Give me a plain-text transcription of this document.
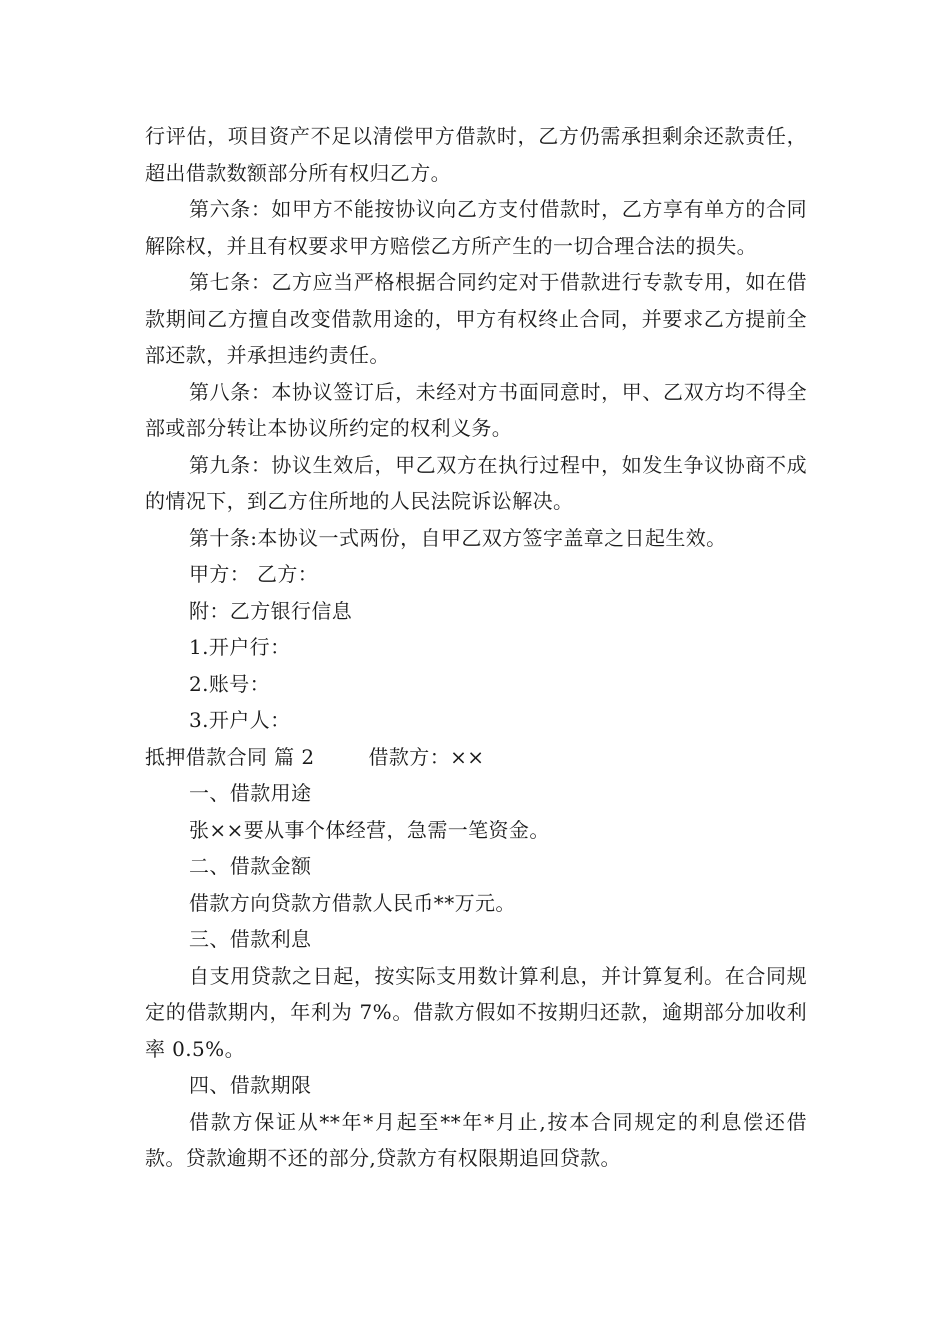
行评估，项目资产不足以清偿甲方借款时，乙方仍需承担剩余还款责任，超出借款数额部分所有权归乙方。

第六条：如甲方不能按协议向乙方支付借款时，乙方享有单方的合同解除权，并且有权要求甲方赔偿乙方所产生的一切合理合法的损失。

第七条：乙方应当严格根据合同约定对于借款进行专款专用，如在借款期间乙方擅自改变借款用途的，甲方有权终止合同，并要求乙方提前全部还款，并承担违约责任。

第八条：本协议签订后，未经对方书面同意时，甲、乙双方均不得全部或部分转让本协议所约定的权利义务。

第九条：协议生效后，甲乙双方在执行过程中，如发生争议协商不成的情况下，到乙方住所地的人民法院诉讼解决。

第十条:本协议一式两份，自甲乙双方签字盖章之日起生效。

甲方： 乙方：

附：乙方银行信息

1.开户行：

2.账号：

3.开户人：

抵押借款合同 篇 2        借款方：××

一、借款用途

张××要从事个体经营，急需一笔资金。

二、借款金额

借款方向贷款方借款人民币**万元。

三、借款利息

自支用贷款之日起，按实际支用数计算利息，并计算复利。在合同规定的借款期内，年利为 7%。借款方假如不按期归还款，逾期部分加收利率 0.5%。

四、借款期限

借款方保证从**年*月起至**年*月止,按本合同规定的利息偿还借款。贷款逾期不还的部分,贷款方有权限期追回贷款。
